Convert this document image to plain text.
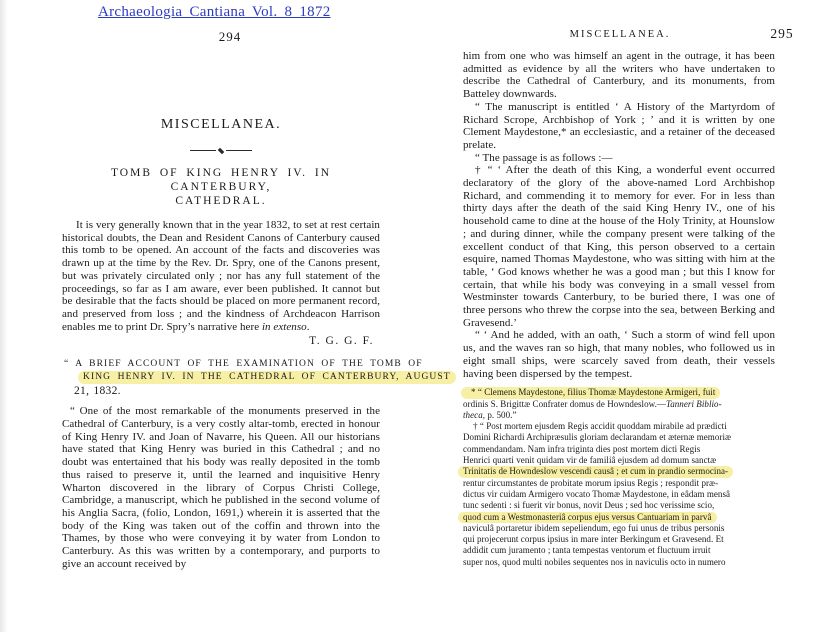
Archaeologia Cantiana Vol. 8 1872
294	MISCELLANEA.	295
MISCELLANEA.
TOMB OF KING HENRY IV. IN CANTERBURY,
CATHEDRAL.
It is very generally known that in the year 1832, to set at rest certain historical doubts, the Dean and Resident Canons of Canterbury caused this tomb to be opened. An account of the facts and discoveries was drawn up at the time by the Rev. Dr. Spry, one of the Canons present, but was privately circulated only ; nor has any full statement of the proceedings, so far as I am aware, ever been published. It cannot but be desirable that the facts should be placed on more permanent record, and preserved from loss ; and the kindness of Archdeacon Harrison enables me to print Dr. Spry’s narrative here in extenso.
T. G. G. F.
“ A BRIEF ACCOUNT OF THE EXAMINATION OF THE TOMB OF
KING HENRY IV. IN THE CATHEDRAL OF CANTERBURY, AUGUST
21, 1832.
“ One of the most remarkable of the monuments preserved in the Cathedral of Canterbury, is a very costly altar-tomb, erected in honour of King Henry IV. and Joan of Navarre, his Queen. All our historians have stated that King Henry was buried in this Cathedral ; and no doubt was entertained that his body was really deposited in the tomb thus raised to preserve it, until the learned and inquisitive Henry Wharton discovered in the library of Corpus Christi College, Cambridge, a manuscript, which he published in the second volume of his Anglia Sacra, (folio, London, 1691,) wherein it is asserted that the body of the King was taken out of the coffin and thrown into the Thames, by those who were conveying it by water from London to Canterbury. As this was written by a contemporary, and purports to give an account received by
him from one who was himself an agent in the outrage, it has been admitted as evidence by all the writers who have undertaken to describe the Cathedral of Canterbury, and its monuments, from Batteley downwards.
“ The manuscript is entitled ‘ A History of the Martyrdom of Richard Scrope, Archbishop of York ; ’ and it is written by one Clement Maydestone,* an ecclesiastic, and a retainer of the deceased prelate.
“ The passage is as follows :—
† “ ‘ After the death of this King, a wonderful event occurred declaratory of the glory of the above-named Lord Archbishop Richard, and commending it to memory for ever. For in less than thirty days after the death of the said King Henry IV., one of his household came to dine at the house of the Holy Trinity, at Hounslow ; and during dinner, while the company present were talking of the excellent conduct of that King, this person observed to a certain esquire, named Thomas Maydestone, who was sitting with him at the table, ‘ God knows whether he was a good man ; but this I know for certain, that while his body was conveying in a small vessel from Westminster towards Canterbury, to be buried there, I was one of three persons who threw the corpse into the sea, between Berking and Gravesend.’
“ ‘ And he added, with an oath, ‘ Such a storm of wind fell upon us, and the waves ran so high, that many nobles, who followed us in eight small ships, were scarcely saved from death, their vessels having been dispersed by the tempest.
* “ Clemens Maydestone, filius Thomæ Maydestone Armigeri, fuit
ordinis S. Brigittæ Confrater domus de Howndeslow.—Tanneri Biblio-
theca, p. 500.”
† “ Post mortem ejusdem Regis accidit quoddam mirabile ad prædicti
Domini Richardi Archipræsulis gloriam declarandam et æternæ memoriæ
commendandam. Nam infra triginta dies post mortem dicti Regis
Henrici quarti venit quidam vir de familiâ ejusdem ad domum sanctæ
Trinitatis de Howndeslow vescendi causâ ; et cum in prandio sermocina-
rentur circumstantes de probitate morum ipsius Regis ; respondit præ-
dictus vir cuidam Armigero vocato Thomæ Maydestone, in eâdam mensâ
tunc sedenti : si fuerit vir bonus, novit Deus ; sed hoc verissime scio,
quod cum a Westmonasteriâ corpus ejus versus Cantuariam in parvâ
naviculâ portaretur ibidem sepeliendum, ego fui unus de tribus personis
qui projecerunt corpus ipsius in mare inter Berkingum et Gravesend. Et
addidit cum juramento ; tanta tempestas ventorum et fluctuum irruit
super nos, quod multi nobiles sequentes nos in naviculis octo in numero
